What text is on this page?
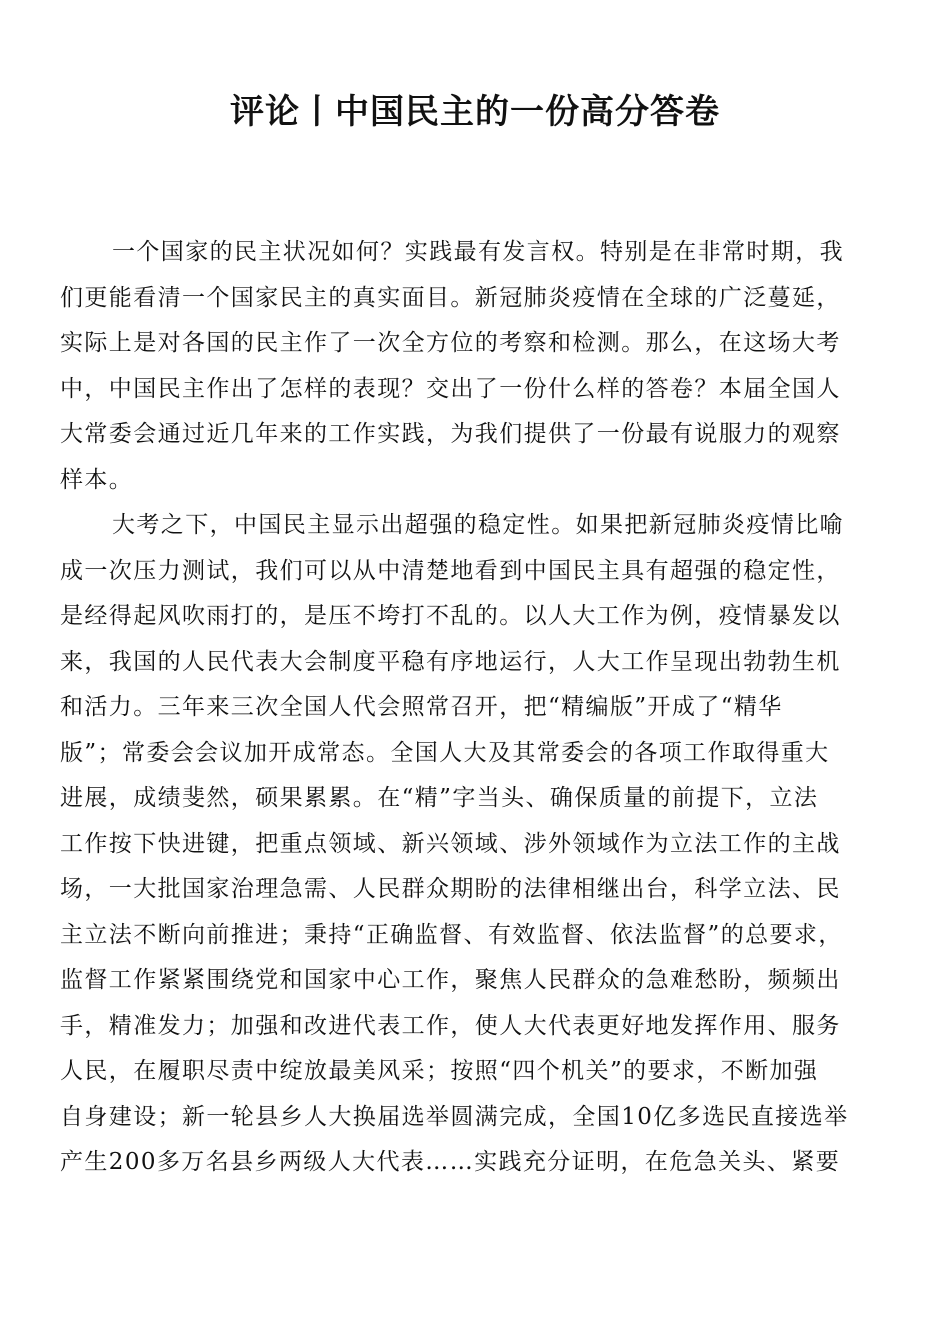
评论丨中国民主的一份高分答卷
一个国家的民主状况如何？实践最有发言权。特别是在非常时期，我
们更能看清一个国家民主的真实面目。新冠肺炎疫情在全球的广泛蔓延，
实际上是对各国的民主作了一次全方位的考察和检测。那么，在这场大考
中，中国民主作出了怎样的表现？交出了一份什么样的答卷？本届全国人
大常委会通过近几年来的工作实践，为我们提供了一份最有说服力的观察
样本。
大考之下，中国民主显示出超强的稳定性。如果把新冠肺炎疫情比喻
成一次压力测试，我们可以从中清楚地看到中国民主具有超强的稳定性，
是经得起风吹雨打的，是压不垮打不乱的。以人大工作为例，疫情暴发以
来，我国的人民代表大会制度平稳有序地运行，人大工作呈现出勃勃生机
和活力。三年来三次全国人代会照常召开，把“精编版”开成了“精华
版”；常委会会议加开成常态。全国人大及其常委会的各项工作取得重大
进展，成绩斐然，硕果累累。在“精”字当头、确保质量的前提下，立法
工作按下快进键，把重点领域、新兴领域、涉外领域作为立法工作的主战
场，一大批国家治理急需、人民群众期盼的法律相继出台，科学立法、民
主立法不断向前推进；秉持“正确监督、有效监督、依法监督”的总要求，
监督工作紧紧围绕党和国家中心工作，聚焦人民群众的急难愁盼，频频出
手，精准发力；加强和改进代表工作，使人大代表更好地发挥作用、服务
人民，在履职尽责中绽放最美风采；按照“四个机关”的要求，不断加强
自身建设；新一轮县乡人大换届选举圆满完成，全国10亿多选民直接选举
产生200多万名县乡两级人大代表……实践充分证明，在危急关头、紧要
